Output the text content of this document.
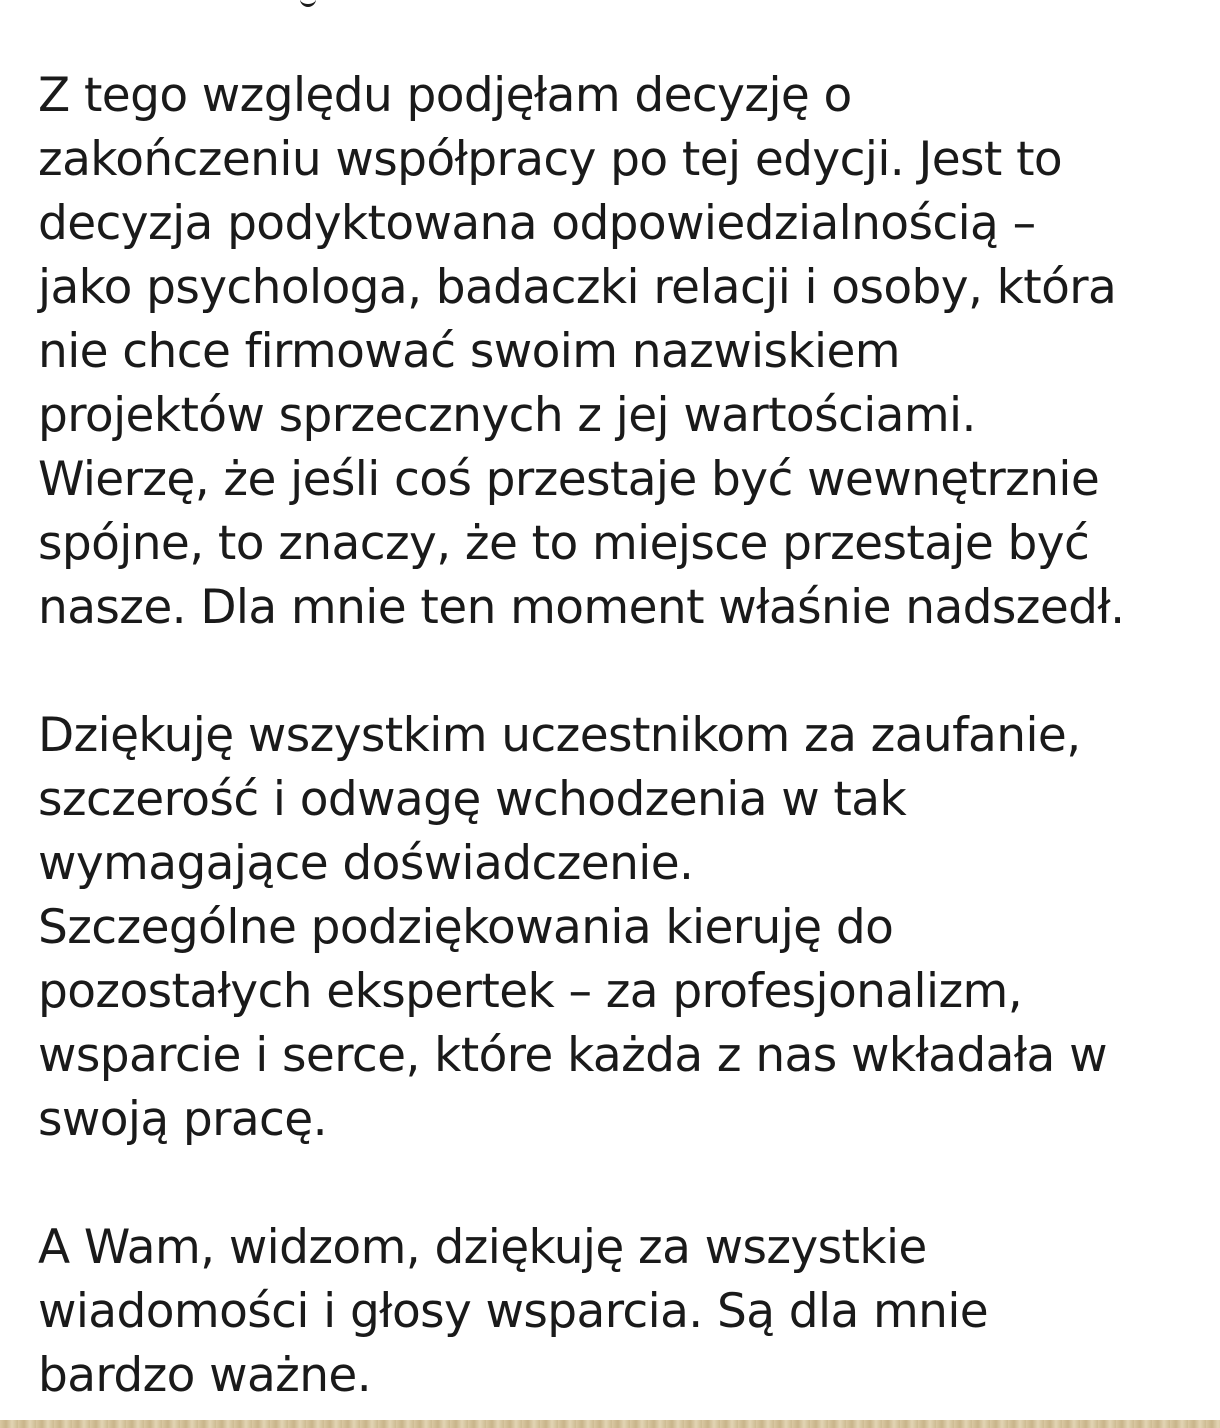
Z tego względu podjęłam decyzję o
zakończeniu współpracy po tej edycji. Jest to
decyzja podyktowana odpowiedzialnością –
jako psychologa, badaczki relacji i osoby, która
nie chce firmować swoim nazwiskiem
projektów sprzecznych z jej wartościami.
Wierzę, że jeśli coś przestaje być wewnętrznie
spójne, to znaczy, że to miejsce przestaje być
nasze. Dla mnie ten moment właśnie nadszedł.

Dziękuję wszystkim uczestnikom za zaufanie,
szczerość i odwagę wchodzenia w tak
wymagające doświadczenie.
Szczególne podziękowania kieruję do
pozostałych ekspertek – za profesjonalizm,
wsparcie i serce, które każda z nas wkładała w
swoją pracę.

A Wam, widzom, dziękuję za wszystkie
wiadomości i głosy wsparcia. Są dla mnie
bardzo ważne.
